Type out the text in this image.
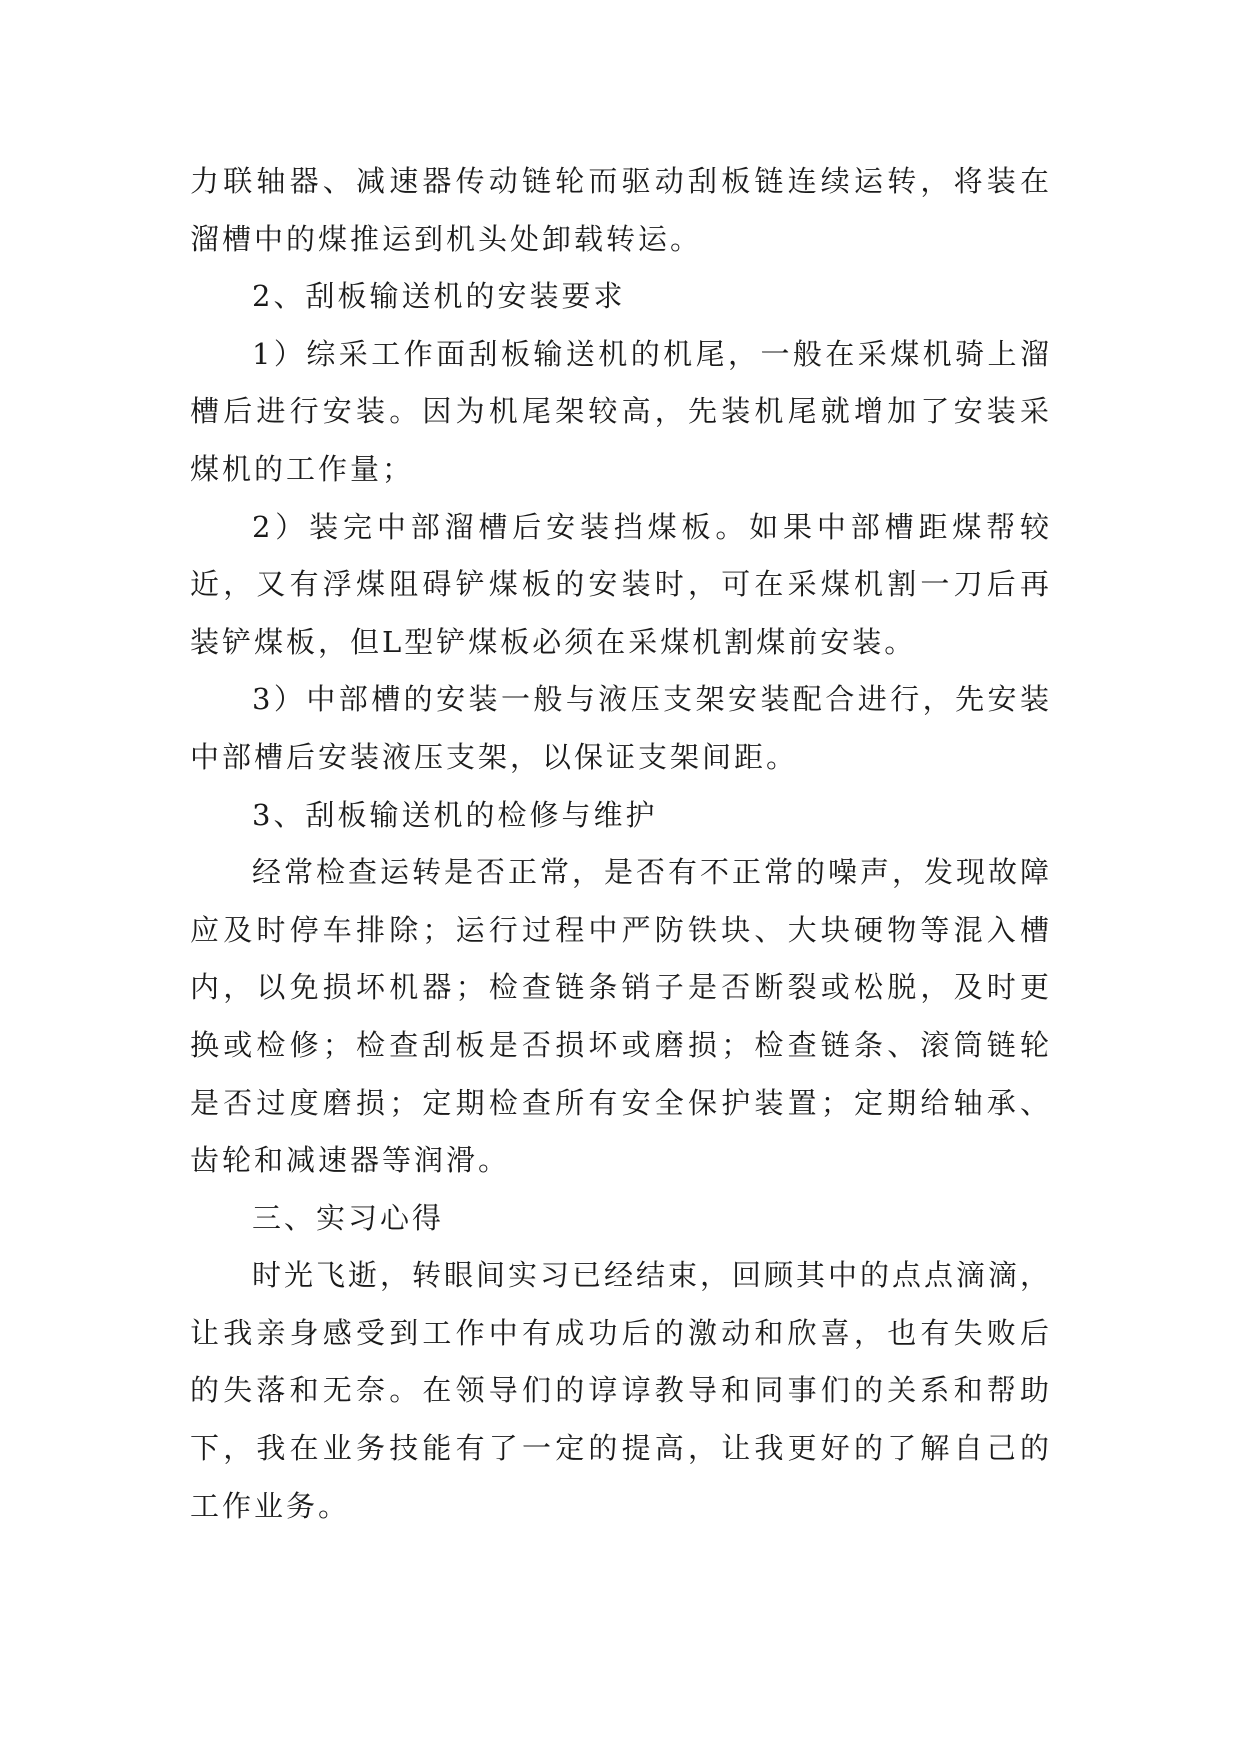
力联轴器、减速器传动链轮而驱动刮板链连续运转，将装在溜槽中的煤推运到机头处卸载转运。

2、刮板输送机的安装要求

1）综采工作面刮板输送机的机尾，一般在采煤机骑上溜槽后进行安装。因为机尾架较高，先装机尾就增加了安装采煤机的工作量；

2）装完中部溜槽后安装挡煤板。如果中部槽距煤帮较近，又有浮煤阻碍铲煤板的安装时，可在采煤机割一刀后再装铲煤板，但L型铲煤板必须在采煤机割煤前安装。

3）中部槽的安装一般与液压支架安装配合进行，先安装中部槽后安装液压支架，以保证支架间距。

3、刮板输送机的检修与维护

经常检查运转是否正常，是否有不正常的噪声，发现故障应及时停车排除；运行过程中严防铁块、大块硬物等混入槽内，以免损坏机器；检查链条销子是否断裂或松脱，及时更换或检修；检查刮板是否损坏或磨损；检查链条、滚筒链轮是否过度磨损；定期检查所有安全保护装置；定期给轴承、齿轮和减速器等润滑。

三、实习心得

时光飞逝，转眼间实习已经结束，回顾其中的点点滴滴，让我亲身感受到工作中有成功后的激动和欣喜，也有失败后的失落和无奈。在领导们的谆谆教导和同事们的关系和帮助下，我在业务技能有了一定的提高，让我更好的了解自己的工作业务。
